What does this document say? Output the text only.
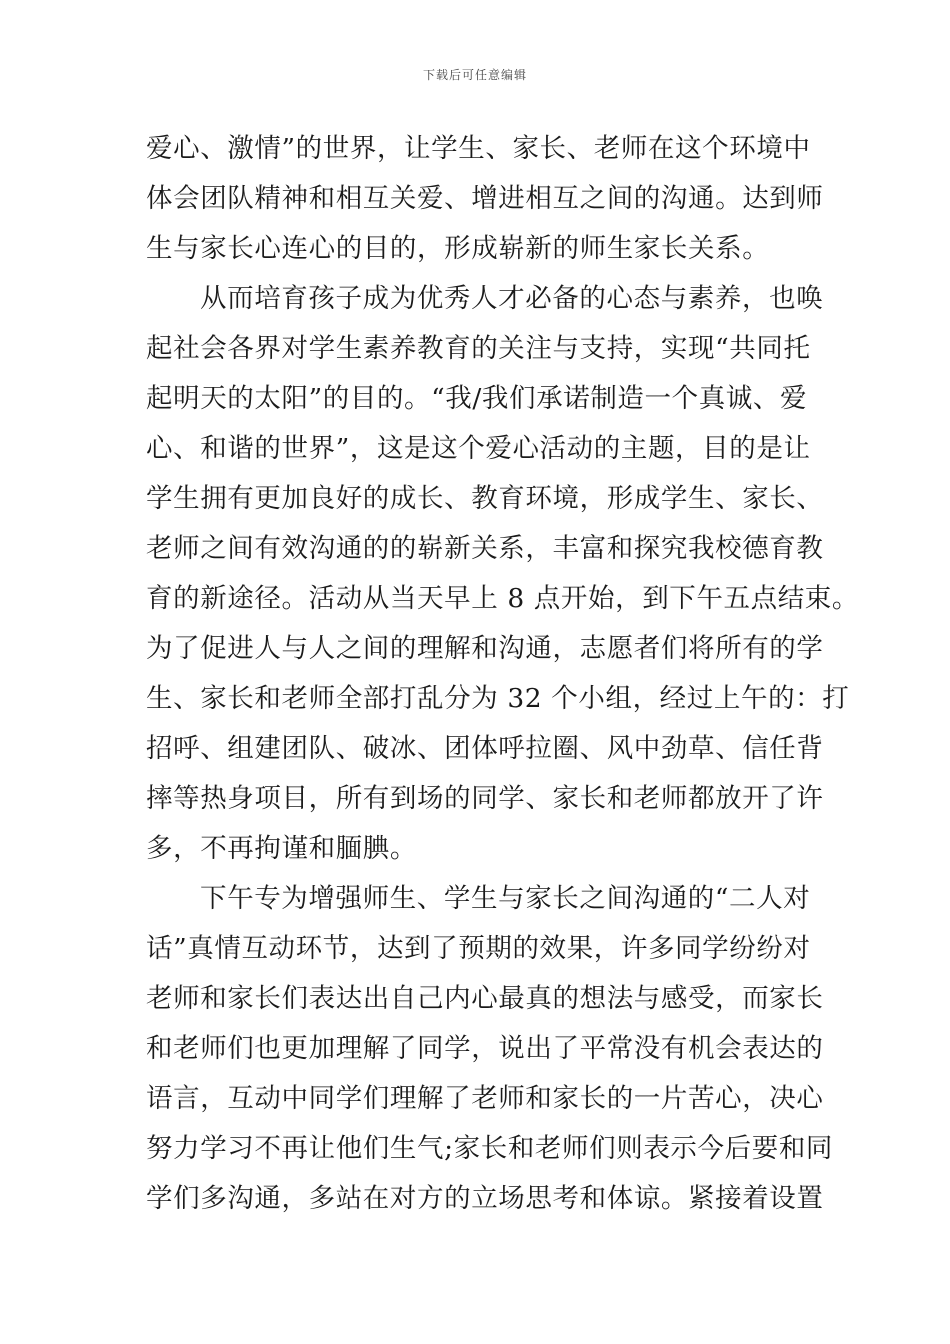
下载后可任意编辑
爱心、激情”的世界，让学生、家长、老师在这个环境中
体会团队精神和相互关爱、增进相互之间的沟通。达到师
生与家长心连心的目的，形成崭新的师生家长关系。
从而培育孩子成为优秀人才必备的心态与素养，也唤
起社会各界对学生素养教育的关注与支持，实现“共同托
起明天的太阳”的目的。“我/我们承诺制造一个真诚、爱
心、和谐的世界”，这是这个爱心活动的主题，目的是让
学生拥有更加良好的成长、教育环境，形成学生、家长、
老师之间有效沟通的的崭新关系，丰富和探究我校德育教
育的新途径。活动从当天早上 8 点开始，到下午五点结束。
为了促进人与人之间的理解和沟通，志愿者们将所有的学
生、家长和老师全部打乱分为 32 个小组，经过上午的：打
招呼、组建团队、破冰、团体呼拉圈、风中劲草、信任背
摔等热身项目，所有到场的同学、家长和老师都放开了许
多，不再拘谨和腼腆。
下午专为增强师生、学生与家长之间沟通的“二人对
话”真情互动环节，达到了预期的效果，许多同学纷纷对
老师和家长们表达出自己内心最真的想法与感受，而家长
和老师们也更加理解了同学，说出了平常没有机会表达的
语言，互动中同学们理解了老师和家长的一片苦心，决心
努力学习不再让他们生气;家长和老师们则表示今后要和同
学们多沟通，多站在对方的立场思考和体谅。紧接着设置
